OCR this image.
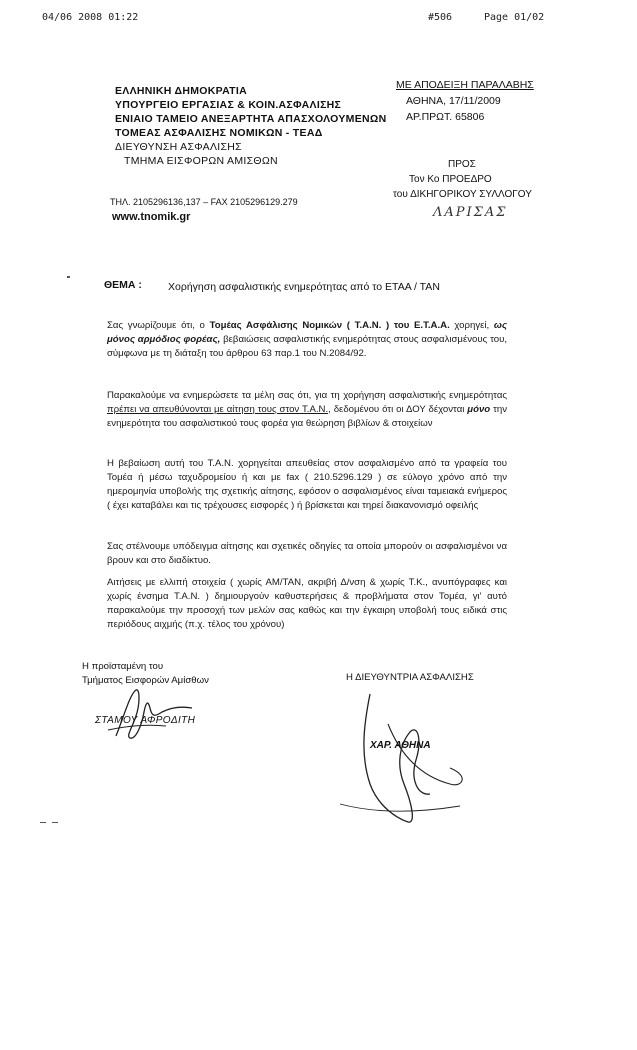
04/06 2008 01:22	#506	Page 01/02
ΕΛΛΗΝΙΚΗ ΔΗΜΟΚΡΑΤΙΑ
ΥΠΟΥΡΓΕΙΟ ΕΡΓΑΣΙΑΣ & ΚΟΙΝ.ΑΣΦΑΛΙΣΗΣ
ΕΝΙΑΙΟ ΤΑΜΕΙΟ ΑΝΕΞΑΡΤΗΤΑ ΑΠΑΣΧΟΛΟΥΜΕΝΩΝ
ΤΟΜΕΑΣ ΑΣΦΑΛΙΣΗΣ ΝΟΜΙΚΩΝ - ΤΕΑΔ
ΔΙΕΥΘΥΝΣΗ ΑΣΦΑΛΙΣΗΣ
ΤΜΗΜΑ ΕΙΣΦΟΡΩΝ ΑΜΙΣΘΩΝ
ΤΗΛ. 2105296136,137 – FAX 2105296129.279
www.tnomik.gr
ΜΕ ΑΠΟΔΕΙΞΗ ΠΑΡΑΛΑΒΗΣ
ΑΘΗΝΑ, 17/11/2009
ΑΡ.ΠΡΩΤ. 65806
ΠΡΟΣ
Τον Κο ΠΡΟΕΔΡΟ
του ΔΙΚΗΓΟΡΙΚΟΥ ΣΥΛΛΟΓΟΥ
ΛΑΡΙΣΑΣ
ΘΕΜΑ : Χορήγηση ασφαλιστικής ενημερότητας από το ΕΤΑΑ / ΤΑΝ
Σας γνωρίζουμε ότι, ο Τομέας Ασφάλισης Νομικών ( Τ.Α.Ν. ) του Ε.Τ.Α.Α. χορηγεί, ως μόνος αρμόδιος φορέας, βεβαιώσεις ασφαλιστικής ενημερότητας στους ασφαλισμένους του, σύμφωνα με τη διάταξη του άρθρου 63 παρ.1 του Ν.2084/92.
Παρακαλούμε να ενημερώσετε τα μέλη σας ότι, για τη χορήγηση ασφαλιστικής ενημερότητας πρέπει να απευθύνονται με αίτηση τους στον Τ.Α.Ν., δεδομένου ότι οι ΔΟΥ δέχονται μόνο την ενημερότητα του ασφαλιστικού τους φορέα για θεώρηση βιβλίων & στοιχείων
Η βεβαίωση αυτή του Τ.Α.Ν. χορηγείται απευθείας στον ασφαλισμένο από τα γραφεία του Τομέα ή μέσω ταχυδρομείου ή και με fax ( 210.5296.129 ) σε εύλογο χρόνο από την ημερομηνία υποβολής της σχετικής αίτησης, εφόσον ο ασφαλισμένος είναι ταμειακά ενήμερος ( έχει καταβάλει και τις τρέχουσες εισφορές ) ή βρίσκεται και τηρεί διακανονισμό οφειλής
Σας στέλνουμε υπόδειγμα αίτησης και σχετικές οδηγίες τα οποία μπορούν οι ασφαλισμένοι να βρουν και στο διαδίκτυο.
Αιτήσεις με ελλιπή στοιχεία ( χωρίς ΑΜ/ΤΑΝ, ακριβή Δ/νση & χωρίς Τ.Κ., ανυπόγραφες και χωρίς ένσημα Τ.Α.Ν. ) δημιουργούν καθυστερήσεις & προβλήματα στον Τομέα, γι' αυτό παρακαλούμε την προσοχή των μελών σας καθώς και την έγκαιρη υποβολή τους ειδικά στις περιόδους αιχμής (π.χ. τέλος του χρόνου)
Η προϊσταμένη του
Τμήματος Εισφορών Αμίσθων
ΣΤΑΜΟΥ ΑΦΡΟΔΙΤΗ
Η ΔΙΕΥΘΥΝΤΡΙΑ ΑΣΦΑΛΙΣΗΣ
ΧΑΡ. ΑΘΗΝΑ
